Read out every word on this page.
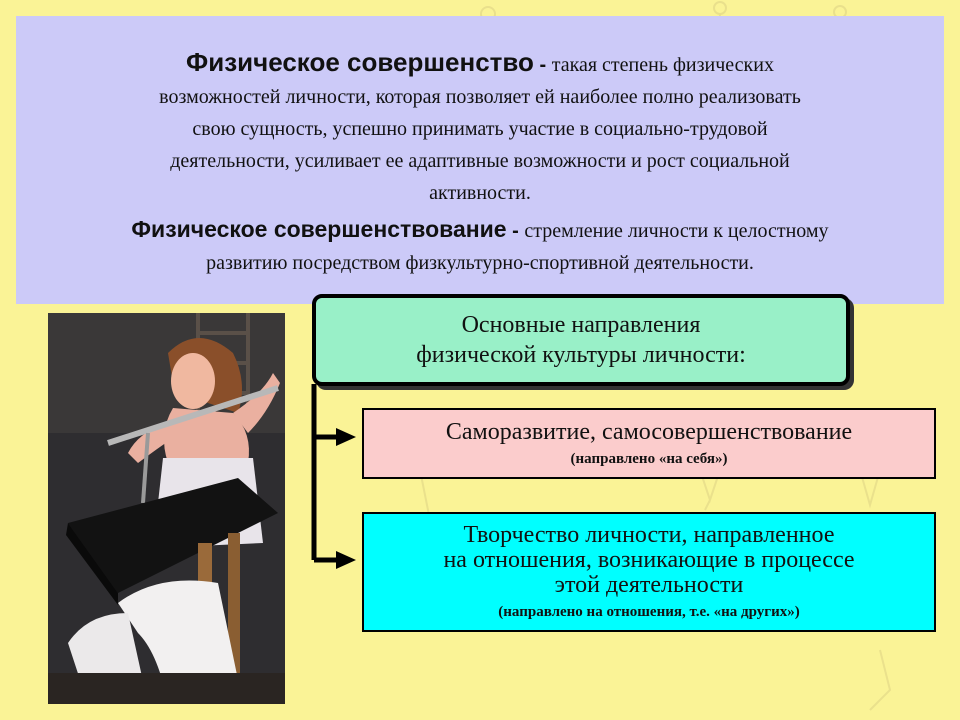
Физическое совершенство - такая степень физических
возможностей личности, которая позволяет ей наиболее полно реализовать
свою сущность, успешно принимать участие в социально-трудовой
деятельности, усиливает ее адаптивные возможности и рост социальной
активности.
Физическое совершенствование - стремление личности к целостному
развитию посредством физкультурно-спортивной деятельности.
Основные направления
физической культуры личности:
Саморазвитие, самосовершенствование
(направлено «на себя»)
Творчество личности, направленное
на отношения, возникающие в процессе
этой деятельности
(направлено на отношения, т.е. «на других»)
